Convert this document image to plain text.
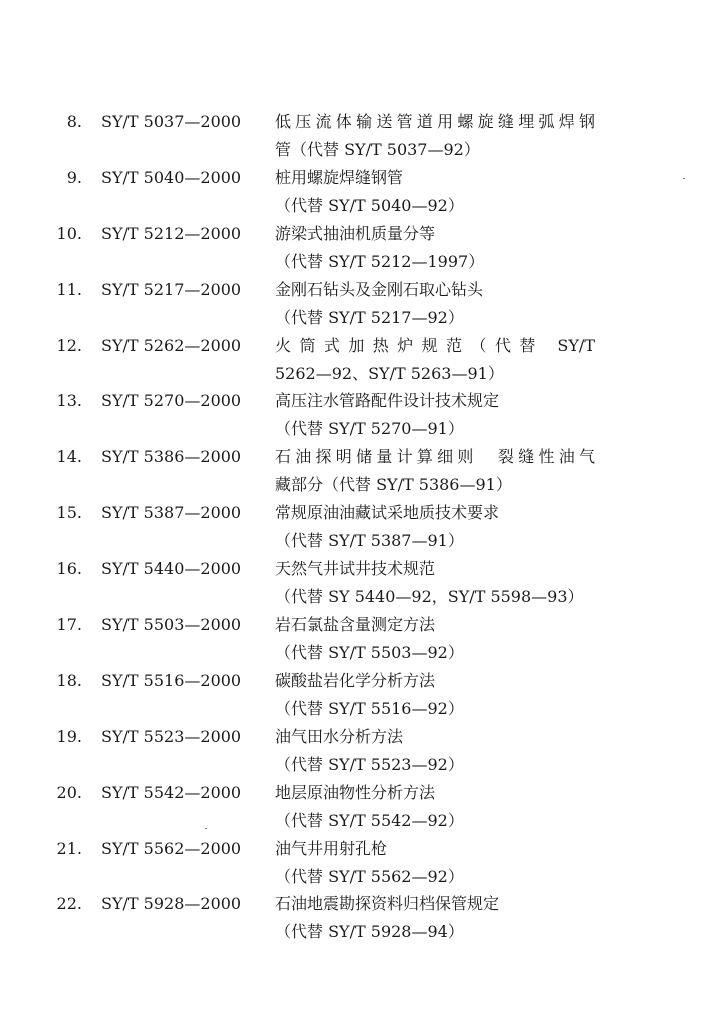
8. SY/T 5037—2000 低压流体输送管道用螺旋缝埋弧焊钢
管（代替 SY/T 5037—92）
9. SY/T 5040—2000 桩用螺旋焊缝钢管
（代替 SY/T 5040—92）
10. SY/T 5212—2000 游梁式抽油机质量分等
（代替 SY/T 5212—1997）
11. SY/T 5217—2000 金刚石钻头及金刚石取心钻头
（代替 SY/T 5217—92）
12. SY/T 5262—2000 火筒式加热炉规范（代替 SY/T
5262—92、SY/T 5263—91）
13. SY/T 5270—2000 高压注水管路配件设计技术规定
（代替 SY/T 5270—91）
14. SY/T 5386—2000 石油探明储量计算细则　裂缝性油气
藏部分（代替 SY/T 5386—91）
15. SY/T 5387—2000 常规原油油藏试采地质技术要求
（代替 SY/T 5387—91）
16. SY/T 5440—2000 天然气井试井技术规范
（代替 SY 5440—92，SY/T 5598—93）
17. SY/T 5503—2000 岩石氯盐含量测定方法
（代替 SY/T 5503—92）
18. SY/T 5516—2000 碳酸盐岩化学分析方法
（代替 SY/T 5516—92）
19. SY/T 5523—2000 油气田水分析方法
（代替 SY/T 5523—92）
20. SY/T 5542—2000 地层原油物性分析方法
（代替 SY/T 5542—92）
21. SY/T 5562—2000 油气井用射孔枪
（代替 SY/T 5562—92）
22. SY/T 5928—2000 石油地震勘探资料归档保管规定
（代替 SY/T 5928—94）
